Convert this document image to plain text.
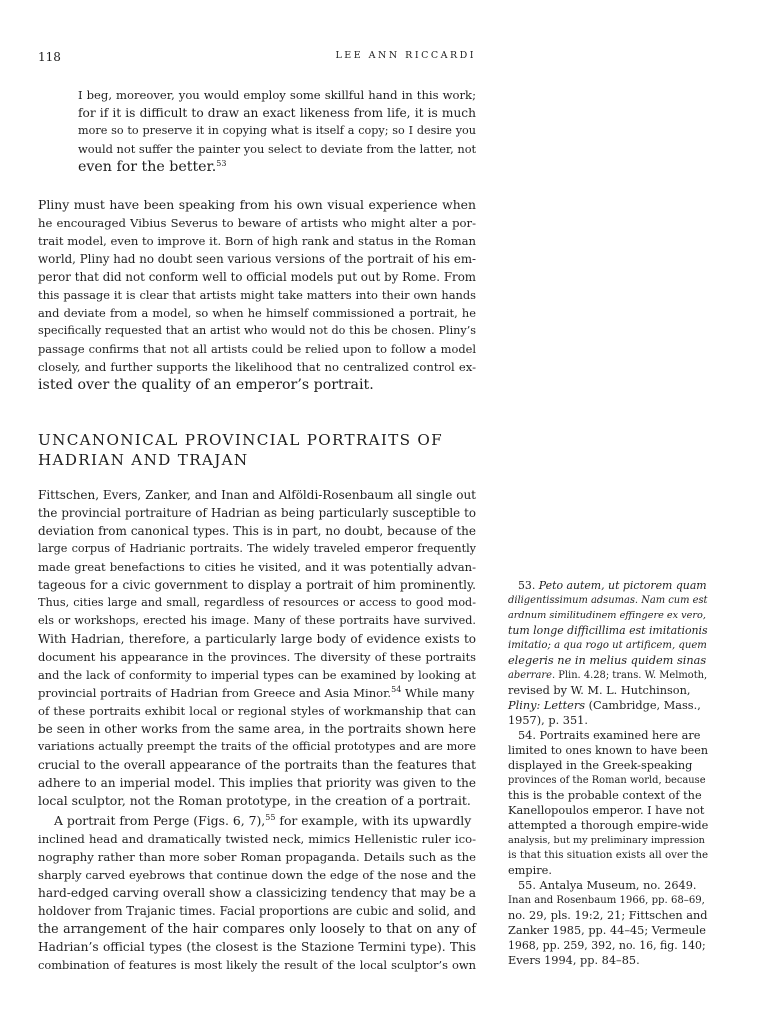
118	LEE ANN RICCARDI
I beg, moreover, you would employ some skillful hand in this work;
for if it is difficult to draw an exact likeness from life, it is much
more so to preserve it in copying what is itself a copy; so I desire you
would not suffer the painter you select to deviate from the latter, not
even for the better.$^{53}$
Pliny must have been speaking from his own visual experience when
he encouraged Vibius Severus to beware of artists who might alter a por-
trait model, even to improve it. Born of high rank and status in the Roman
world, Pliny had no doubt seen various versions of the portrait of his em-
peror that did not conform well to official models put out by Rome. From
this passage it is clear that artists might take matters into their own hands
and deviate from a model, so when he himself commissioned a portrait, he
specifically requested that an artist who would not do this be chosen. Pliny’s
passage confirms that not all artists could be relied upon to follow a model
closely, and further supports the likelihood that no centralized control ex-
isted over the quality of an emperor’s portrait.
UNCANONICAL PROVINCIAL PORTRAITS OF
HADRIAN AND TRAJAN
Fittschen, Evers, Zanker, and Inan and Alföldi-Rosenbaum all single out
the provincial portraiture of Hadrian as being particularly susceptible to
deviation from canonical types. This is in part, no doubt, because of the
large corpus of Hadrianic portraits. The widely traveled emperor frequently
made great benefactions to cities he visited, and it was potentially advan-
tageous for a civic government to display a portrait of him prominently.
Thus, cities large and small, regardless of resources or access to good mod-
els or workshops, erected his image. Many of these portraits have survived.
With Hadrian, therefore, a particularly large body of evidence exists to
document his appearance in the provinces. The diversity of these portraits
and the lack of conformity to imperial types can be examined by looking at
provincial portraits of Hadrian from Greece and Asia Minor.$^{54}$ While many
of these portraits exhibit local or regional styles of workmanship that can
be seen in other works from the same area, in the portraits shown here
variations actually preempt the traits of the official prototypes and are more
crucial to the overall appearance of the portraits than the features that
adhere to an imperial model. This implies that priority was given to the
local sculptor, not the Roman prototype, in the creation of a portrait.
A portrait from Perge (Figs. 6, 7),$^{55}$ for example, with its upwardly
inclined head and dramatically twisted neck, mimics Hellenistic ruler ico-
nography rather than more sober Roman propaganda. Details such as the
sharply carved eyebrows that continue down the edge of the nose and the
hard-edged carving overall show a classicizing tendency that may be a
holdover from Trajanic times. Facial proportions are cubic and solid, and
the arrangement of the hair compares only loosely to that on any of
Hadrian’s official types (the closest is the Stazione Termini type). This
combination of features is most likely the result of the local sculptor’s own
53. Peto autem, ut pictorem quam
diligentissimum adsumas. Nam cum est
ardnum similitudinem effingere ex vero,
tum longe difficillima est imitationis
imitatio; a qua rogo ut artificem, quem
elegeris ne in melius quidem sinas
aberrare. Plin. 4.28; trans. W. Melmoth,
revised by W. M. L. Hutchinson,
Pliny: Letters (Cambridge, Mass.,
1957), p. 351.
54. Portraits examined here are
limited to ones known to have been
displayed in the Greek-speaking
provinces of the Roman world, because
this is the probable context of the
Kanellopoulos emperor. I have not
attempted a thorough empire-wide
analysis, but my preliminary impression
is that this situation exists all over the
empire.
55. Antalya Museum, no. 2649.
Inan and Rosenbaum 1966, pp. 68–69,
no. 29, pls. 19:2, 21; Fittschen and
Zanker 1985, pp. 44–45; Vermeule
1968, pp. 259, 392, no. 16, fig. 140;
Evers 1994, pp. 84–85.
